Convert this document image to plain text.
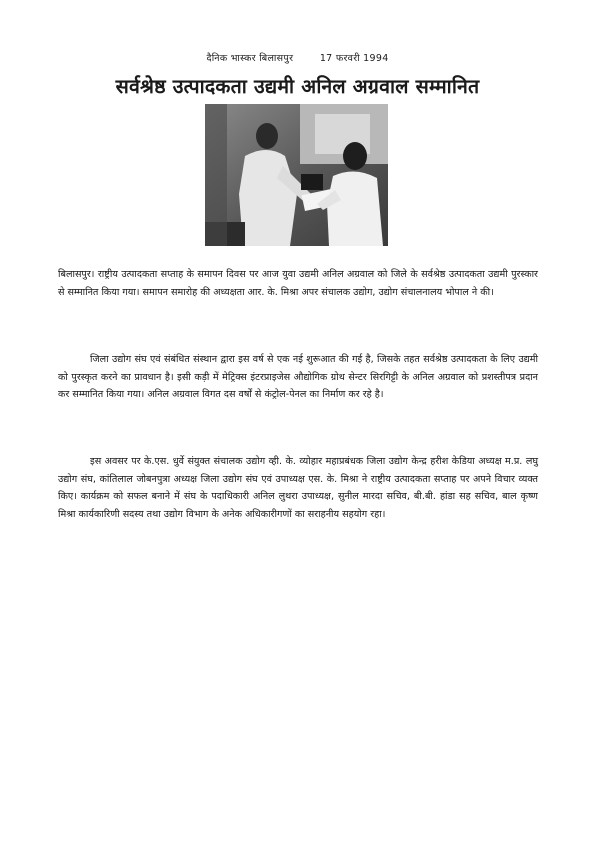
दैनिक भास्कर बिलासपुर        17 फरवरी 1994
सर्वश्रेष्ठ उत्पादकता उद्यमी अनिल अग्रवाल सम्मानित

बिलासपुर। राष्ट्रीय उत्पादकता सप्ताह के समापन दिवस पर आज युवा उद्यमी अनिल अग्रवाल को जिले के सर्वश्रेष्ठ उत्पादकता उद्यमी पुरस्कार से सम्मानित किया गया। समापन समारोह की अध्यक्षता आर. के. मिश्रा अपर संचालक उद्योग, उद्योग संचालनालय भोपाल ने की।

जिला उद्योग संघ एवं संबंधित संस्थान द्वारा इस वर्ष से एक नई शुरूआत की गई है, जिसके तहत सर्वश्रेष्ठ उत्पादकता के लिए उद्यमी को पुरस्कृत करने का प्रावधान है। इसी कड़ी में मेट्रिक्स इंटरप्राइजेस औद्योगिक ग्रोथ सेन्टर सिरगिट्टी के अनिल अग्रवाल को प्रशस्तीपत्र प्रदान कर सम्मानित किया गया। अनिल अग्रवाल विगत दस वर्षों से कंट्रोल-पेनल का निर्माण कर रहे है।

इस अवसर पर के.एस. धुर्वे संयुक्त संचालक उद्योग व्ही. के. व्योहार महाप्रबंधक जिला उद्योग केन्द्र हरीश केडिया अध्यक्ष म.प्र. लघु उद्योग संघ, कांतिलाल जोबनपुत्रा अध्यक्ष जिला उद्योग संघ एवं उपाध्यक्ष एस. के. मिश्रा ने राष्ट्रीय उत्पादकता सप्ताह पर अपने विचार व्यक्त किए। कार्यक्रम को सफल बनाने में संघ के पदाधिकारी अनिल लुथरा उपाध्यक्ष, सुनील मारदा सचिव, बी.बी. हांडा सह सचिव, बाल कृष्ण मिश्रा कार्यकारिणी सदस्य तथा उद्योग विभाग के अनेक अधिकारीगणों का सराहनीय सहयोग रहा।
